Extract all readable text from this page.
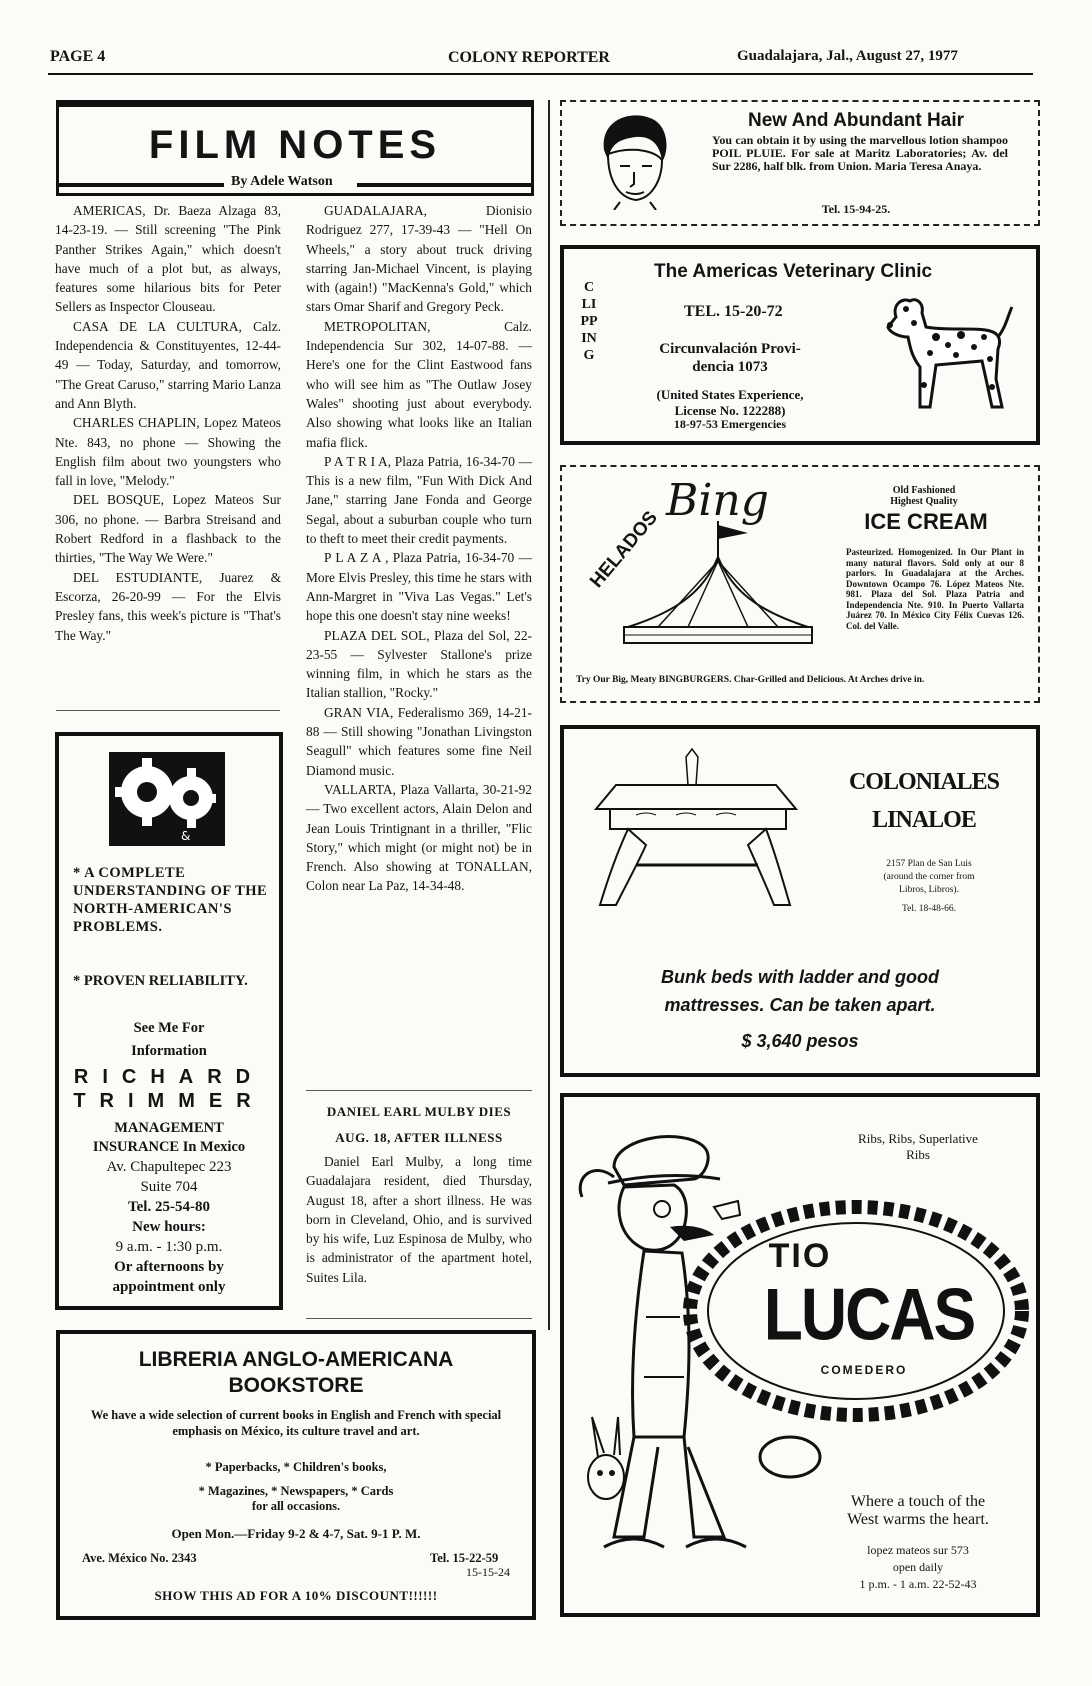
PAGE 4	COLONY REPORTER	Guadalajara, Jal., August 27, 1977
FILM NOTES
By Adele Watson

AMERICAS, Dr. Baeza Alzaga 83, 14-23-19. — Still screening "The Pink Panther Strikes Again," which doesn't have much of a plot but, as always, features some hilarious bits for Peter Sellers as Inspector Clouseau.

CASA DE LA CULTURA, Calz. Independencia & Constituyentes, 12-44-49 — Today, Saturday, and tomorrow, "The Great Caruso," starring Mario Lanza and Ann Blyth.

CHARLES CHAPLIN, Lopez Mateos Nte. 843, no phone — Showing the English film about two youngsters who fall in love, "Melody."

DEL BOSQUE, Lopez Mateos Sur 306, no phone. — Barbra Streisand and Robert Redford in a flashback to the thirties, "The Way We Were."

DEL ESTUDIANTE, Juarez & Escorza, 26-20-99 — For the Elvis Presley fans, this week's picture is "That's The Way."

GUADALAJARA, Dionisio Rodriguez 277, 17-39-43 — "Hell On Wheels," a story about truck driving starring Jan-Michael Vincent, is playing with (again!) "MacKenna's Gold," which stars Omar Sharif and Gregory Peck.

METROPOLITAN, Calz. Independencia Sur 302, 14-07-88. — Here's one for the Clint Eastwood fans who will see him as "The Outlaw Josey Wales" shooting just about everybody. Also showing what looks like an Italian mafia flick.

P A T R I A, Plaza Patria, 16-34-70 — This is a new film, "Fun With Dick And Jane," starring Jane Fonda and George Segal, about a suburban couple who turn to theft to meet their credit payments.

P L A Z A , Plaza Patria, 16-34-70 — More Elvis Presley, this time he stars with Ann-Margret in "Viva Las Vegas." Let's hope this one doesn't stay nine weeks!

PLAZA DEL SOL, Plaza del Sol, 22-23-55 — Sylvester Stallone's prize winning film, in which he stars as the Italian stallion, "Rocky."

GRAN VIA, Federalismo 369, 14-21-88 — Still showing "Jonathan Livingston Seagull" which features some fine Neil Diamond music.

VALLARTA, Plaza Vallarta, 30-21-92 — Two excellent actors, Alain Delon and Jean Louis Trintignant in a thriller, "Flic Story," which might (or might not) be in French. Also showing at TONALLAN, Colon near La Paz, 14-34-48.

DANIEL EARL MULBY DIES
AUG. 18, AFTER ILLNESS

Daniel Earl Mulby, a long time Guadalajara resident, died Thursday, August 18, after a short illness. He was born in Cleveland, Ohio, and is survived by his wife, Luz Espinosa de Mulby, who is administrator of the apartment hotel, Suites Lila.

&
* A COMPLETE UNDERSTANDING OF THE NORTH-AMERICAN'S PROBLEMS.
* PROVEN RELIABILITY.
See Me For
Information
RICHARD
TRIMMER
MANAGEMENT
INSURANCE In Mexico
Av. Chapultepec 223
Suite 704
Tel. 25-54-80
New hours:
9 a.m. - 1:30 p.m.
Or afternoons by
appointment only
LIBRERIA ANGLO-AMERICANA
BOOKSTORE
We have a wide selection of current books in English and French with special emphasis on México, its culture travel and art.
* Paperbacks, * Children's books,
* Magazines, * Newspapers, * Cards
for all occasions.
Open Mon.—Friday 9-2 & 4-7, Sat. 9-1 P. M.
Ave. México No. 2343	Tel. 15-22-59
15-15-24
SHOW THIS AD FOR A 10% DISCOUNT!!!!!!
New And Abundant Hair
You can obtain it by using the marvellous lotion shampoo POIL PLUIE. For sale at Maritz Laboratories; Av. del Sur 2286, half blk. from Union. Maria Teresa Anaya.
Tel. 15-94-25.
CLIPPING
The Americas Veterinary Clinic
TEL. 15-20-72
Circunvalación Provi-
dencia 1073
(United States Experience,
License No. 122288)
18-97-53 Emergencies
HELADOS
Bing	Old Fashioned
Highest Quality
ICE CREAM
Pasteurized. Homogenized. In Our Plant in many natural flavors. Sold only at our 8 parlors. In Guadalajara at the Arches. Downtown Ocampo 76. López Mateos Nte. 981. Plaza del Sol. Plaza Patria and Independencia Nte. 910. In Puerto Vallarta Juárez 70. In México City Félix Cuevas 126. Col. del Valle.
Try Our Big, Meaty BINGBURGERS. Char-Grilled and Delicious. At Arches drive in.
COLONIALES
LINALOE
2157 Plan de San Luis
(around the corner from
Libros, Libros).
Tel. 18-48-66.
Bunk beds with ladder and good
mattresses. Can be taken apart.
$ 3,640 pesos
Ribs, Ribs, Superlative
Ribs
TIO
LUCAS
COMEDERO
Where a touch of the
West warms the heart.
lopez mateos sur 573
open daily
1 p.m. - 1 a.m. 22-52-43
